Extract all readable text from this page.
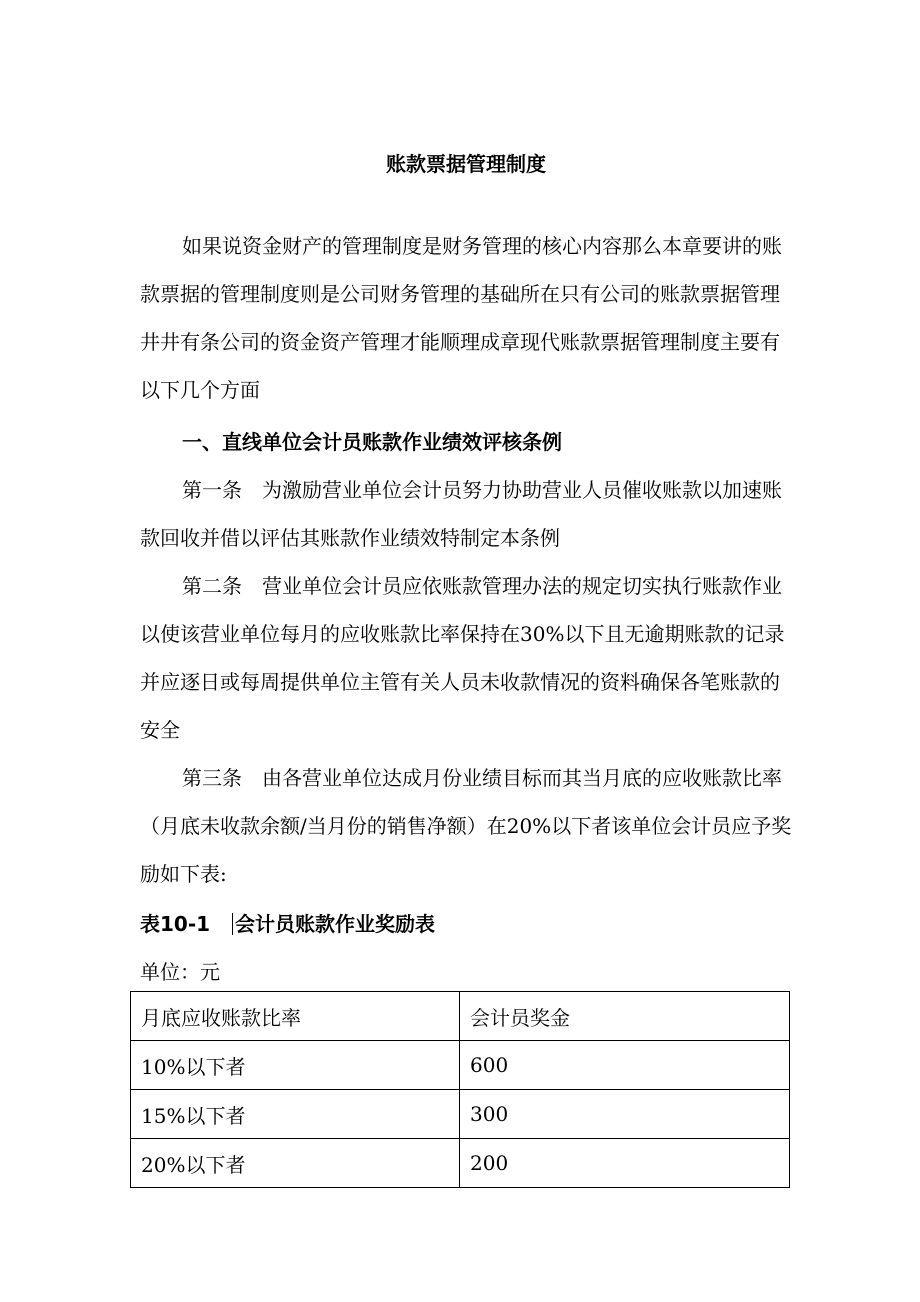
账款票据管理制度
如果说资金财产的管理制度是财务管理的核心内容那么本章要讲的账款票据的管理制度则是公司财务管理的基础所在只有公司的账款票据管理井井有条公司的资金资产管理才能顺理成章现代账款票据管理制度主要有以下几个方面
一、直线单位会计员账款作业绩效评核条例
第一条　为激励营业单位会计员努力协助营业人员催收账款以加速账款回收并借以评估其账款作业绩效特制定本条例
第二条　营业单位会计员应依账款管理办法的规定切实执行账款作业以使该营业单位每月的应收账款比率保持在30%以下且无逾期账款的记录并应逐日或每周提供单位主管有关人员未收款情况的资料确保各笔账款的安全
第三条　由各营业单位达成月份业绩目标而其当月底的应收账款比率（月底未收款余额/当月份的销售净额）在20%以下者该单位会计员应予奖励如下表:
表10-1 会计员账款作业奖励表
单位：元
月底应收账款比率	会计员奖金
10%以下者	600
15%以下者	300
20%以下者	200
